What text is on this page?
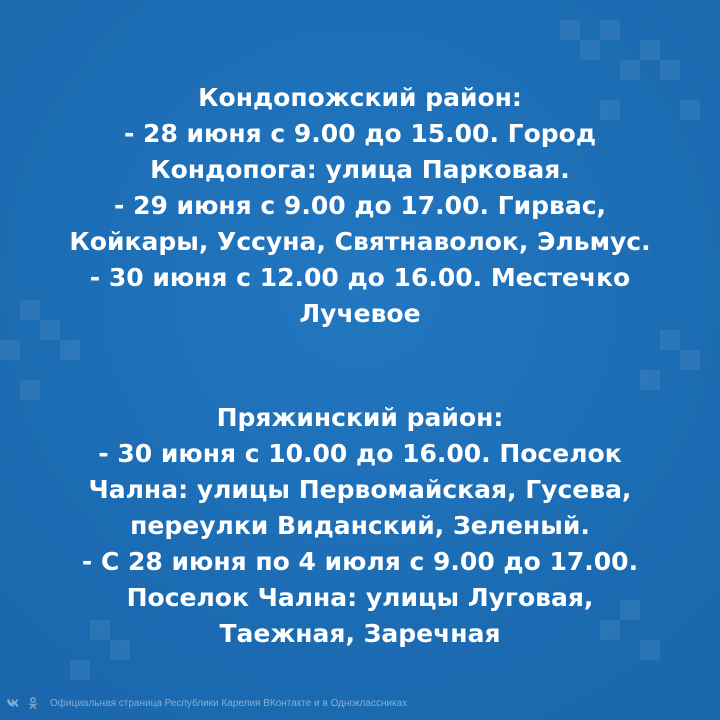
Кондопожский район:
- 28 июня с 9.00 до 15.00. Город
Кондопога: улица Парковая.
- 29 июня с 9.00 до 17.00. Гирвас,
Койкары, Уссуна, Святнаволок, Эльмус.
- 30 июня с 12.00 до 16.00. Местечко
Лучевое
Пряжинский район:
- 30 июня с 10.00 до 16.00. Поселок
Чална: улицы Первомайская, Гусева,
переулки Виданский, Зеленый.
- С 28 июня по 4 июля с 9.00 до 17.00.
Поселок Чална: улицы Луговая,
Таежная, Заречная
Официальная страница Республики Карелия ВКонтакте и в Одноклассниках
